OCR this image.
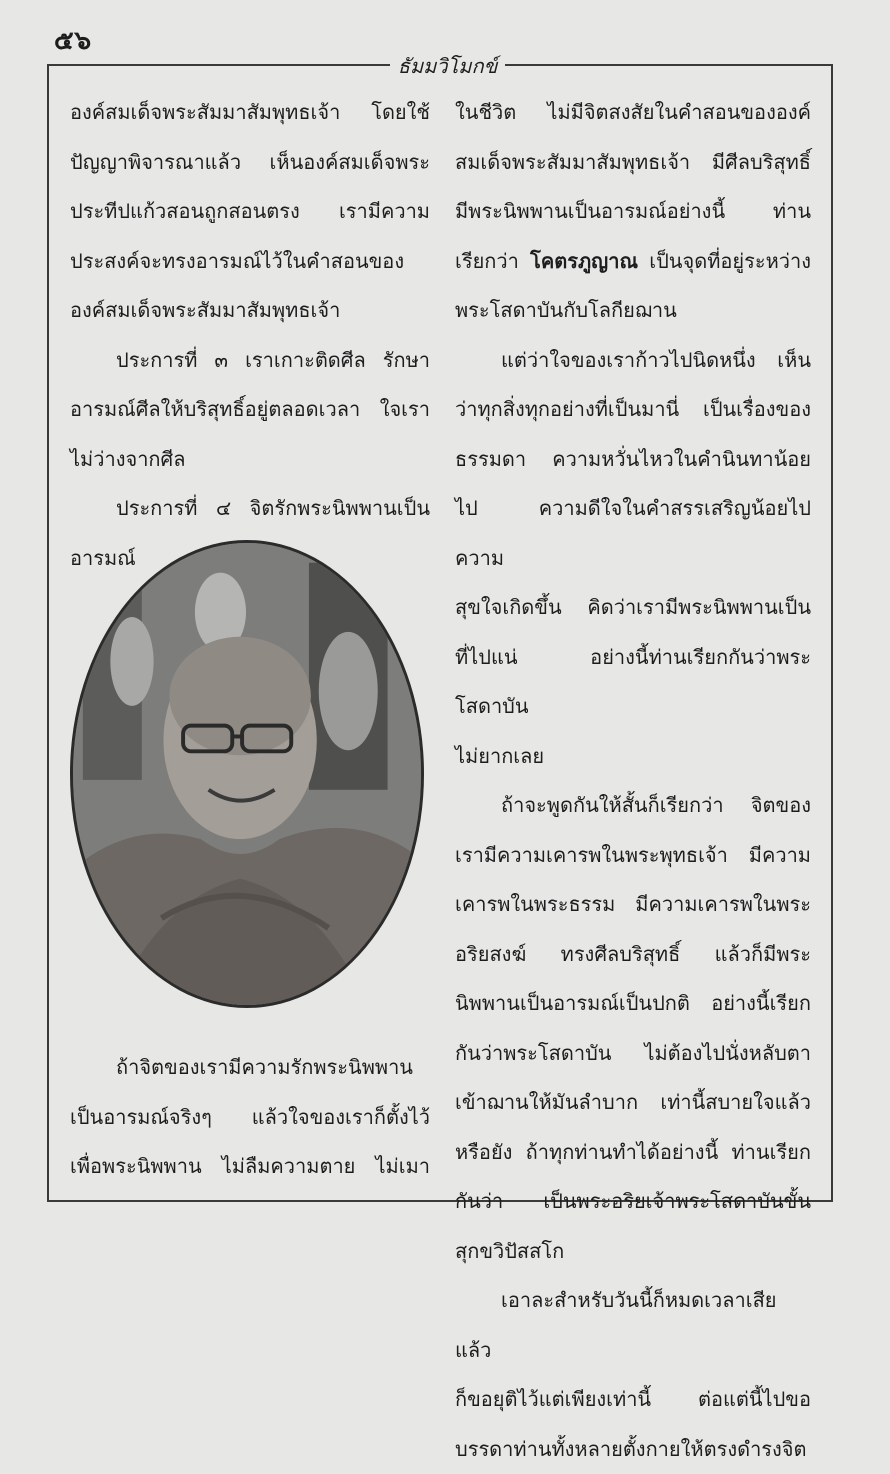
๕๖
ธัมมวิโมกข์

องค์สมเด็จพระสัมมาสัมพุทธเจ้า โดยใช้

ปัญญาพิจารณาแล้ว เห็นองค์สมเด็จพระ

ประทีปแก้วสอนถูกสอนตรง เรามีความ

ประสงค์จะทรงอารมณ์ไว้ในคำสอนของ

องค์สมเด็จพระสัมมาสัมพุทธเจ้า

ประการที่ ๓ เราเกาะติดศีล รักษา

อารมณ์ศีลให้บริสุทธิ์อยู่ตลอดเวลา ใจเรา

ไม่ว่างจากศีล

ประการที่ ๔ จิตรักพระนิพพานเป็น

อารมณ์

ถ้าจิตของเรามีความรักพระนิพพาน

เป็นอารมณ์จริงๆ แล้วใจของเราก็ตั้งไว้

เพื่อพระนิพพาน ไม่ลืมความตาย ไม่เมา

ในชีวิต ไม่มีจิตสงสัยในคำสอนขององค์

สมเด็จพระสัมมาสัมพุทธเจ้า มีศีลบริสุทธิ์

มีพระนิพพานเป็นอารมณ์อย่างนี้ ท่าน

เรียกว่า โคตรภูญาณ เป็นจุดที่อยู่ระหว่าง

พระโสดาบันกับโลกียฌาน

แต่ว่าใจของเราก้าวไปนิดหนึ่ง เห็น

ว่าทุกสิ่งทุกอย่างที่เป็นมานี่ เป็นเรื่องของ

ธรรมดา ความหวั่นไหวในคำนินทาน้อย

ไป ความดีใจในคำสรรเสริญน้อยไป ความ

สุขใจเกิดขึ้น คิดว่าเรามีพระนิพพานเป็น

ที่ไปแน่ อย่างนี้ท่านเรียกกันว่าพระโสดาบัน

ไม่ยากเลย

ถ้าจะพูดกันให้สั้นก็เรียกว่า จิตของ

เรามีความเคารพในพระพุทธเจ้า มีความ

เคารพในพระธรรม มีความเคารพในพระ

อริยสงฆ์ ทรงศีลบริสุทธิ์ แล้วก็มีพระ

นิพพานเป็นอารมณ์เป็นปกติ อย่างนี้เรียก

กันว่าพระโสดาบัน ไม่ต้องไปนั่งหลับตา

เข้าฌานให้มันลำบาก เท่านี้สบายใจแล้ว

หรือยัง ถ้าทุกท่านทำได้อย่างนี้ ท่านเรียก

กันว่า เป็นพระอริยเจ้าพระโสดาบันขั้น

สุกขวิปัสสโก

เอาละสำหรับวันนี้ก็หมดเวลาเสียแล้ว

ก็ขอยุติไว้แต่เพียงเท่านี้ ต่อแต่นี้ไปขอ

บรรดาท่านทั้งหลายตั้งกายให้ตรงดำรงจิต
